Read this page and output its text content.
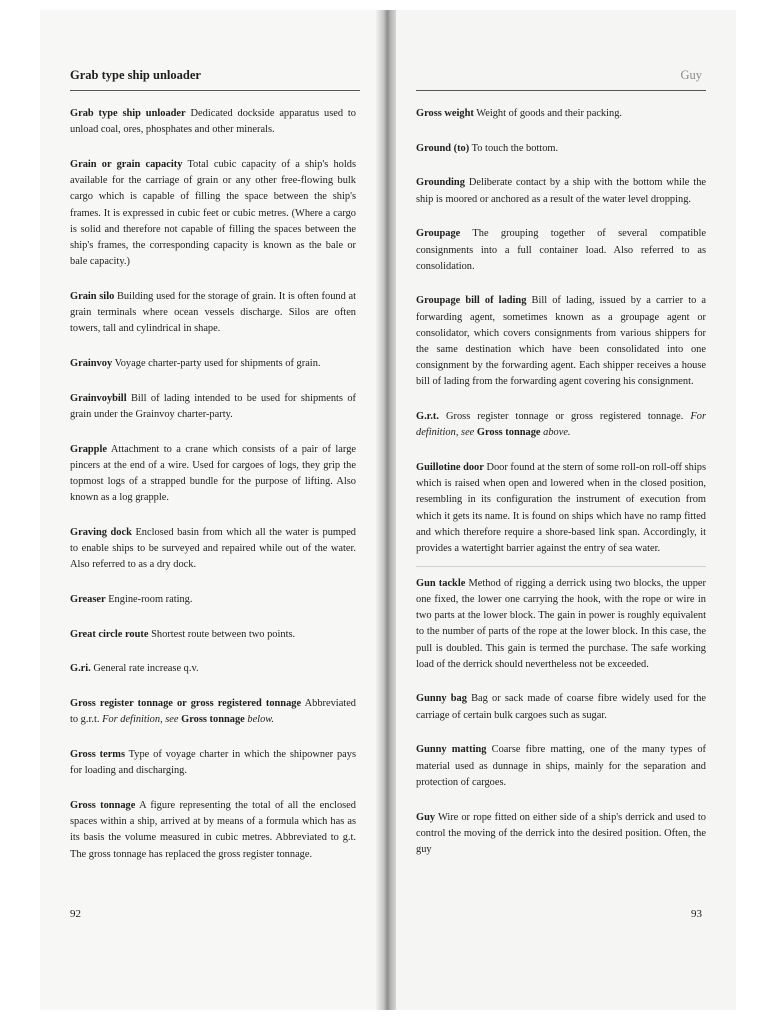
Grab type ship unloader

Grab type ship unloader Dedicated dockside apparatus used to unload coal, ores, phosphates and other minerals.

Grain or grain capacity Total cubic capacity of a ship's holds available for the carriage of grain or any other free-flowing bulk cargo which is capable of filling the space between the ship's frames. It is expressed in cubic feet or cubic metres. (Where a cargo is solid and therefore not capable of filling the spaces between the ship's frames, the corresponding capacity is known as the bale or bale capacity.)

Grain silo Building used for the storage of grain. It is often found at grain terminals where ocean vessels discharge. Silos are often towers, tall and cylindrical in shape.

Grainvoy Voyage charter-party used for shipments of grain.

Grainvoybill Bill of lading intended to be used for shipments of grain under the Grainvoy charter-party.

Grapple Attachment to a crane which consists of a pair of large pincers at the end of a wire. Used for cargoes of logs, they grip the topmost logs of a strapped bundle for the purpose of lifting. Also known as a log grapple.

Graving dock Enclosed basin from which all the water is pumped to enable ships to be surveyed and repaired while out of the water. Also referred to as a dry dock.

Greaser Engine-room rating.

Great circle route Shortest route between two points.

G.ri. General rate increase q.v.

Gross register tonnage or gross registered tonnage Abbreviated to g.r.t. For definition, see Gross tonnage below.

Gross terms Type of voyage charter in which the shipowner pays for loading and discharging.

Gross tonnage A figure representing the total of all the enclosed spaces within a ship, arrived at by means of a formula which has as its basis the volume measured in cubic metres. Abbreviated to g.t. The gross tonnage has replaced the gross register tonnage.

92
Guy

Gross weight Weight of goods and their packing.

Ground (to) To touch the bottom.

Grounding Deliberate contact by a ship with the bottom while the ship is moored or anchored as a result of the water level dropping.

Groupage The grouping together of several compatible consignments into a full container load. Also referred to as consolidation.

Groupage bill of lading Bill of lading, issued by a carrier to a forwarding agent, sometimes known as a groupage agent or consolidator, which covers consignments from various shippers for the same destination which have been consolidated into one consignment by the forwarding agent. Each shipper receives a house bill of lading from the forwarding agent covering his consignment.

G.r.t. Gross register tonnage or gross registered tonnage. For definition, see Gross tonnage above.

Guillotine door Door found at the stern of some roll-on roll-off ships which is raised when open and lowered when in the closed position, resembling in its configuration the instrument of execution from which it gets its name. It is found on ships which have no ramp fitted and which therefore require a shore-based link span. Accordingly, it provides a watertight barrier against the entry of sea water.

Gun tackle Method of rigging a derrick using two blocks, the upper one fixed, the lower one carrying the hook, with the rope or wire in two parts at the lower block. The gain in power is roughly equivalent to the number of parts of the rope at the lower block. In this case, the pull is doubled. This gain is termed the purchase. The safe working load of the derrick should nevertheless not be exceeded.

Gunny bag Bag or sack made of coarse fibre widely used for the carriage of certain bulk cargoes such as sugar.

Gunny matting Coarse fibre matting, one of the many types of material used as dunnage in ships, mainly for the separation and protection of cargoes.

Guy Wire or rope fitted on either side of a ship's derrick and used to control the moving of the derrick into the desired position. Often, the guy

93
